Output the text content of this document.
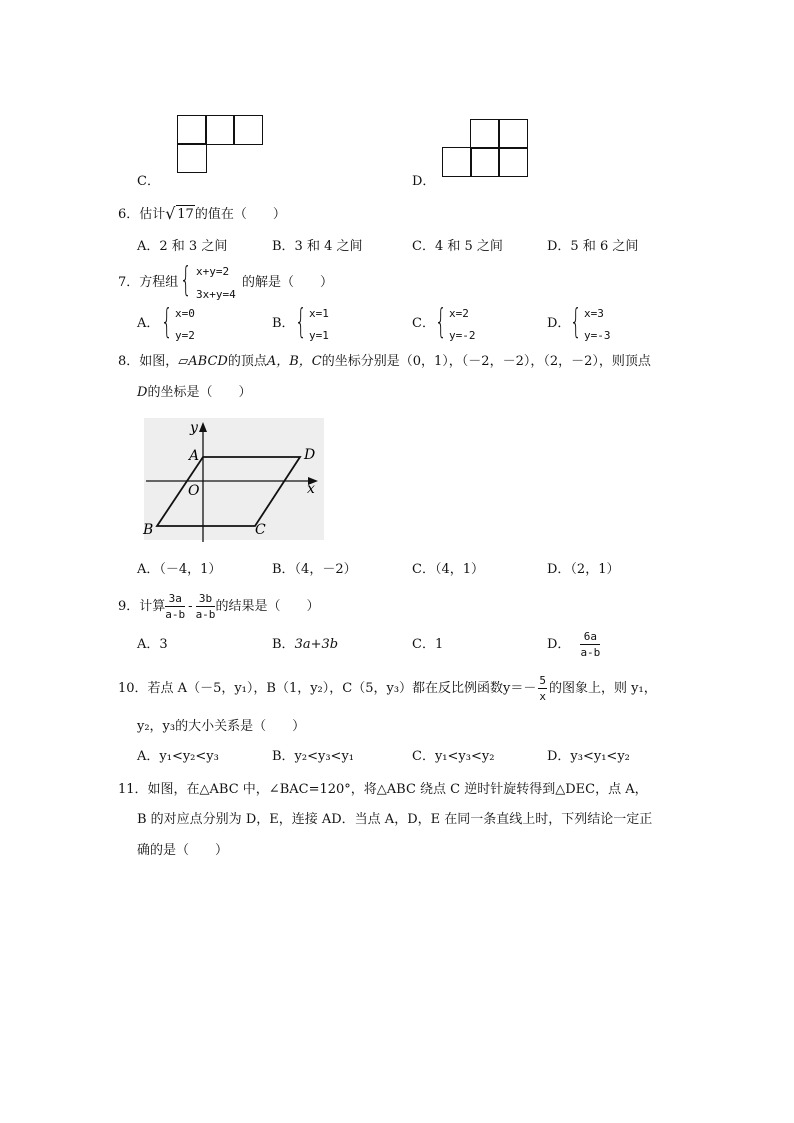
C．	D．
6．估计 √ 17的值在（　　）
A．2 和 3 之间	B．3 和 4 之间	C．4 和 5 之间	D．5 和 6 之间
7．方程组 { x+y=2
3x+y=4
的解是（　　）
A． { x=0
y=2
B． { x=1
y=1
C． { x=2
y=-2
D． { x=3
y=-3
8．如图，▱ABCD的顶点A，B，C的坐标分别是（0，1），（－2，－2），（2，－2），则顶点
D的坐标是（　　）
A	D
C
B
O	x
y
A．（－4，1）	B．（4，－2）	C．（4，1）	D．（2，1）
9．计算 $\frac{3a}{a-b} - \frac{3b}{a-b}$ 的结果是（　　）
A．3	B．3a+3b	C．1	D． $\frac{6a}{a-b}$
10．若点 A（－5，y₁），B（1，y₂），C（5，y₃）都在反比例函数$y=- \frac{5}{x}$ 的图象上，则 y₁，
y₂，y₃的大小关系是（　　）
A．y₁<y₂<y₃	B．y₂<y₃<y₁	C．y₁<y₃<y₂	D．y₃<y₁<y₂
11．如图，在△ABC 中，∠BAC=120°，将△ABC 绕点 C 逆时针旋转得到△DEC，点 A，
B 的对应点分别为 D，E，连接 AD．当点 A，D，E 在同一条直线上时，下列结论一定正
确的是（　　）
